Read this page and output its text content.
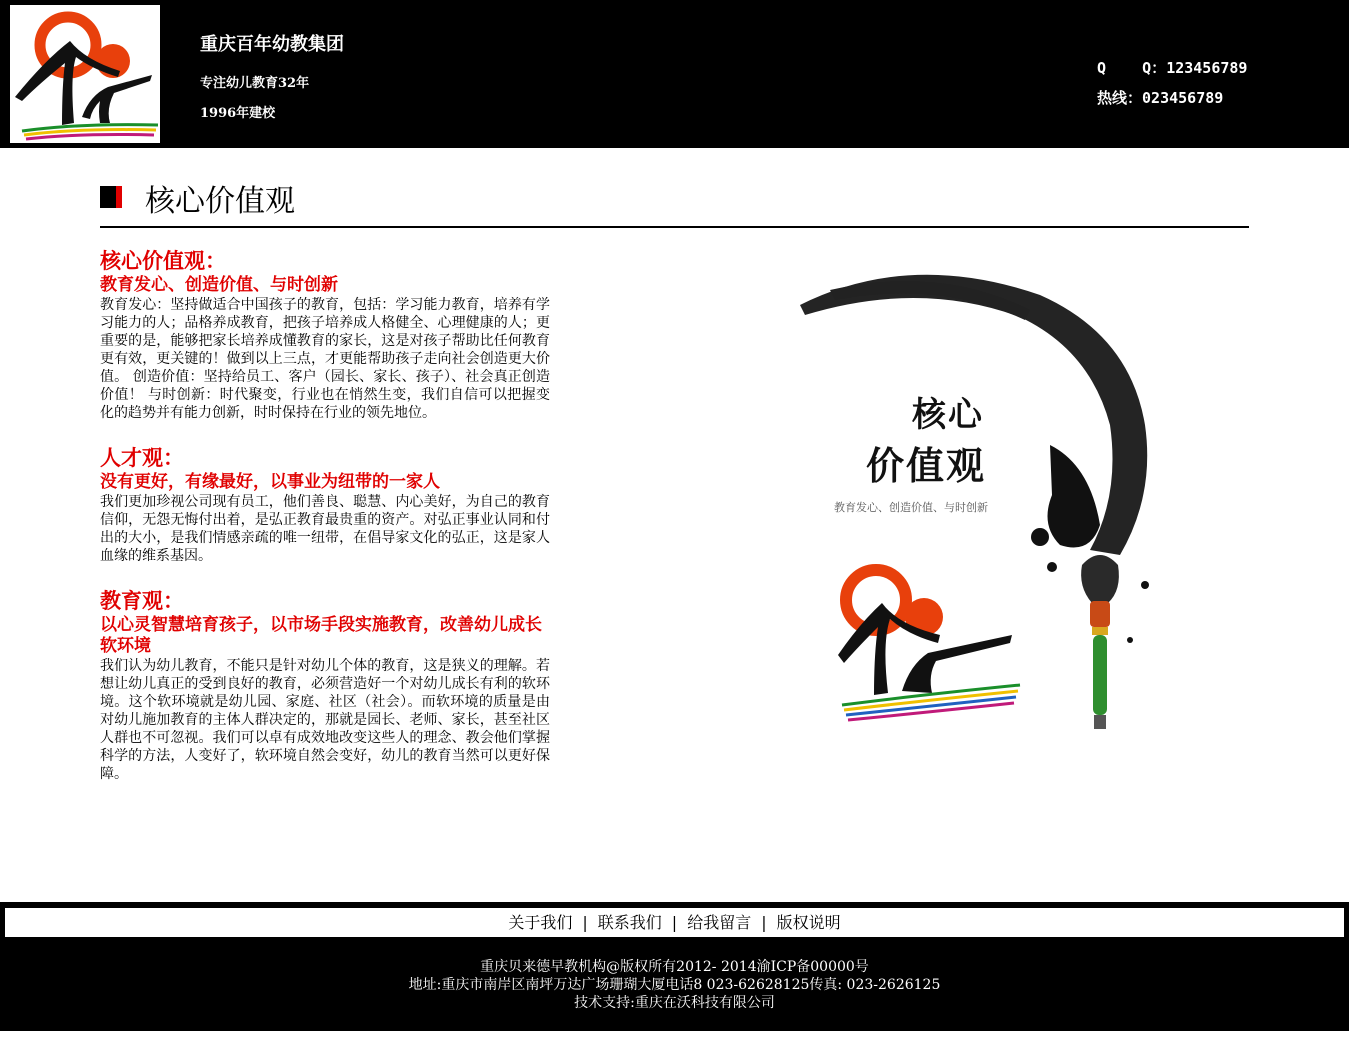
重庆百年幼教集团
专注幼儿教育32年
1996年建校
Q    Q：123456789
热线：023456789
核心价值观
核心价值观：
教育发心、创造价值、与时创新

教育发心：坚持做适合中国孩子的教育，包括：学习能力教育，培养有学习能力的人；品格养成教育，把孩子培养成人格健全、心理健康的人；更重要的是，能够把家长培养成懂教育的家长，这是对孩子帮助比任何教育更有效，更关键的！做到以上三点，才更能帮助孩子走向社会创造更大价值。 创造价值：坚持给员工、客户（园长、家长、孩子）、社会真正创造价值！ 与时创新：时代聚变，行业也在悄然生变，我们自信可以把握变化的趋势并有能力创新，时时保持在行业的领先地位。

人才观：
没有更好，有缘最好，以事业为纽带的一家人

我们更加珍视公司现有员工，他们善良、聪慧、内心美好，为自己的教育信仰，无怨无悔付出着，是弘正教育最贵重的资产。对弘正事业认同和付出的大小，是我们情感亲疏的唯一纽带，在倡导家文化的弘正，这是家人血缘的维系基因。

教育观：
以心灵智慧培育孩子，以市场手段实施教育，改善幼儿成长软环境

我们认为幼儿教育，不能只是针对幼儿个体的教育，这是狭义的理解。若想让幼儿真正的受到良好的教育，必须营造好一个对幼儿成长有利的软环境。这个软环境就是幼儿园、家庭、社区（社会）。而软环境的质量是由对幼儿施加教育的主体人群决定的，那就是园长、老师、家长，甚至社区人群也不可忽视。我们可以卓有成效地改变这些人的理念、教会他们掌握科学的方法，人变好了，软环境自然会变好，幼儿的教育当然可以更好保障。

核心
价值观
教育发心、创造价值、与时创新
关于我们 | 联系我们 | 给我留言 | 版权说明
重庆贝来德早教机构@版权所有2012- 2014渝ICP备00000号
地址:重庆市南岸区南坪万达广场珊瑚大厦电话8 023-62628125传真: 023-2626125
技术支持:重庆在沃科技有限公司
